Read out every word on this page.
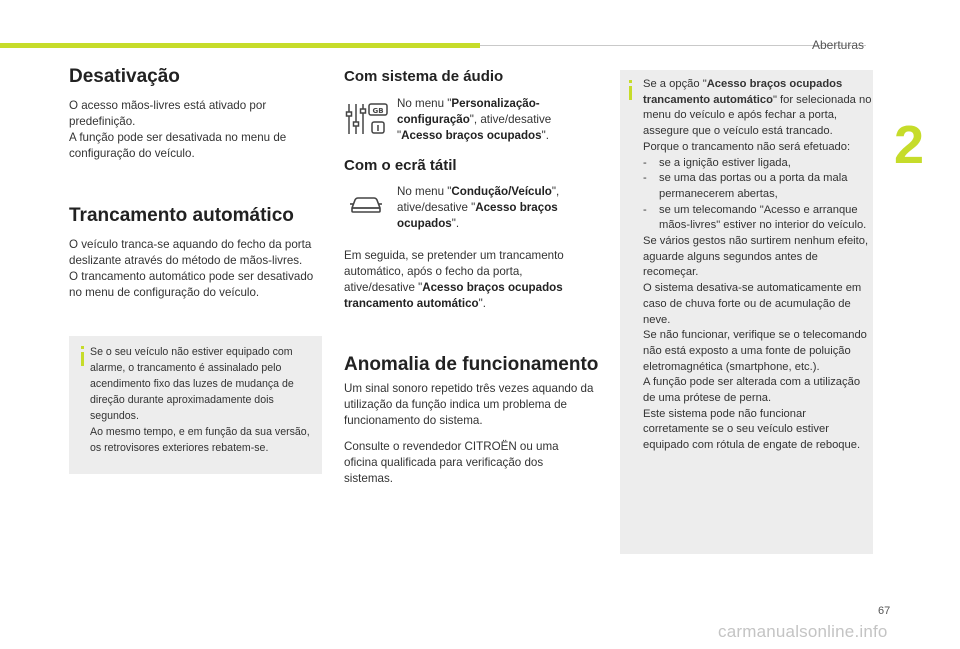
Aberturas
2
Desativação

O acesso mãos-livres está ativado por predefinição.

A função pode ser desativada no menu de configuração do veículo.

Trancamento automático

O veículo tranca-se aquando do fecho da porta deslizante através do método de mãos-livres.

O trancamento automático pode ser desativado no menu de configuração do veículo.

Se o seu veículo não estiver equipado com alarme, o trancamento é assinalado pelo acendimento fixo das luzes de mudança de direção durante aproximadamente dois segundos.

Ao mesmo tempo, e em função da sua versão, os retrovisores exteriores rebatem-se.

Com sistema de áudio
GB
I
No menu "Personalização-configuração", ative/desative "Acesso braços ocupados".
Com o ecrã tátil
No menu "Condução/Veículo", ative/desative "Acesso braços ocupados".
Em seguida, se pretender um trancamento automático, após o fecho da porta, ative/desative "Acesso braços ocupados trancamento automático".
Anomalia de funcionamento
Um sinal sonoro repetido três vezes aquando da utilização da função indica um problema de funcionamento do sistema.
Consulte o revendedor CITROËN ou uma oficina qualificada para verificação dos sistemas.

Se a opção "Acesso braços ocupados trancamento automático" for selecionada no menu do veículo e após fechar a porta, assegure que o veículo está trancado.

Porque o trancamento não será efetuado:

- se a ignição estiver ligada,
- se uma das portas ou a porta da mala permanecerem abertas,
- se um telecomando "Acesso e arranque mãos-livres" estiver no interior do veículo.

Se vários gestos não surtirem nenhum efeito, aguarde alguns segundos antes de recomeçar.

O sistema desativa-se automaticamente em caso de chuva forte ou de acumulação de neve.

Se não funcionar, verifique se o telecomando não está exposto a uma fonte de poluição eletromagnética (smartphone, etc.).

A função pode ser alterada com a utilização de uma prótese de perna.

Este sistema pode não funcionar corretamente se o seu veículo estiver equipado com rótula de engate de reboque.

67
carmanualsonline.info
